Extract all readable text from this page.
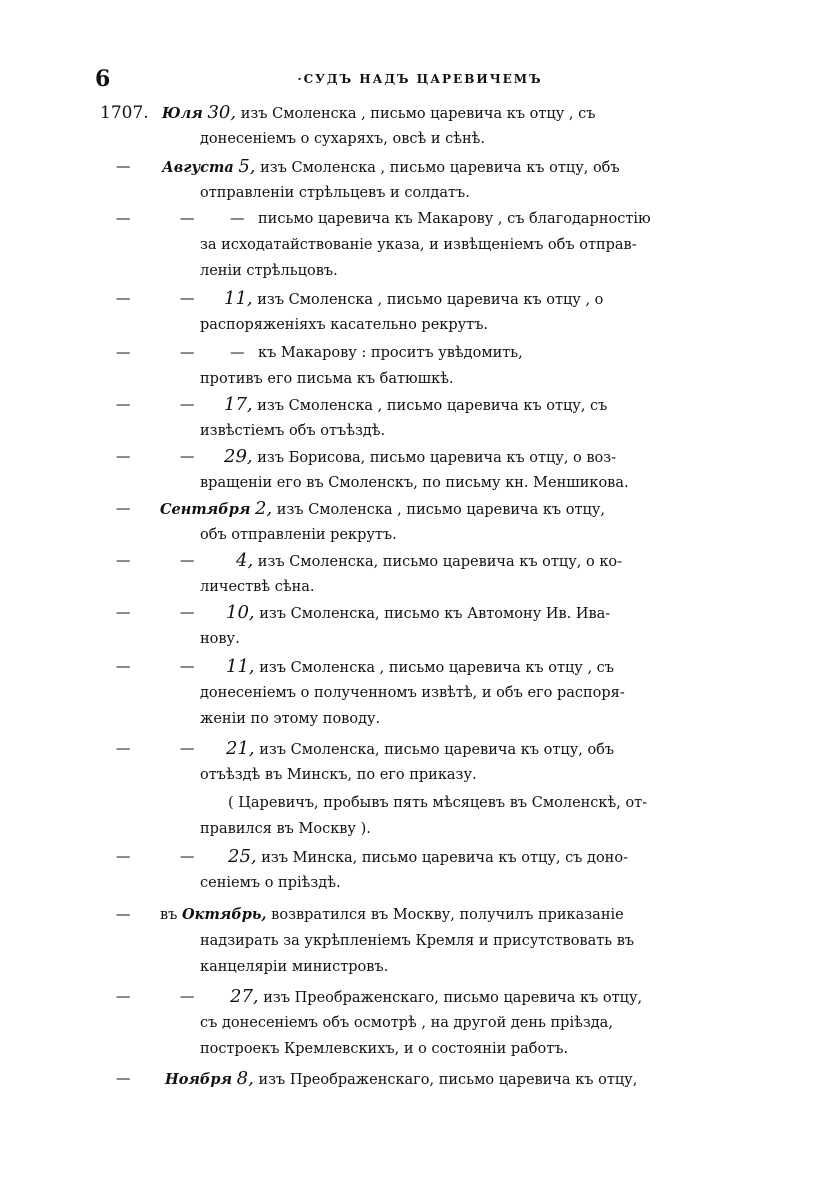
6	·СУДЪ НАДЪ ЦАРЕВИЧЕМЪ
1707. Юля 30, изъ Смоленска , письмо царевича къ отцу , съ
донесеніемъ о сухаряхъ, овсѣ и сѣнѣ.
— Августа 5, изъ Смоленска , письмо царевича къ отцу, объ
отправленіи стрѣльцевъ и солдатъ.
—	— — письмо царевича къ Макарову , съ благодарностію
за исходатайствованіе указа, и извѣщеніемъ объ отправ-
леніи стрѣльцовъ.
—	— 11, изъ Смоленска , письмо царевича къ отцу , о
распоряженіяхъ касательно рекрутъ.
—	— — къ Макарову : проситъ увѣдомить,
противъ его письма къ батюшкѣ.
—	— 17, изъ Смоленска , письмо царевича къ отцу, съ
извѣстіемъ объ отъѣздѣ.
—	— 29, изъ Борисова, письмо царевича къ отцу, о воз-
вращеніи его въ Смоленскъ, по письму кн. Меншикова.
— Сентября 2, изъ Смоленска , письмо царевича къ отцу,
объ отправленіи рекрутъ.
—	— 4, изъ Смоленска, письмо царевича къ отцу, о ко-
личествѣ сѣна.
—	— 10, изъ Смоленска, письмо къ Автомону Ив. Ива-
нову.
—	— 11, изъ Смоленска , письмо царевича къ отцу , съ
донесеніемъ о полученномъ извѣтѣ, и объ его распоря-
женіи по этому поводу.
—	— 21, изъ Смоленска, письмо царевича къ отцу, объ
отъѣздѣ въ Минскъ, по его приказу.
( Царевичъ, пробывъ пять мѣсяцевъ въ Смоленскѣ, от-
правился въ Москву ).
—	— 25, изъ Минска, письмо царевича къ отцу, съ доно-
сеніемъ о пріѣздѣ.
— въ Октябрь, возвратился въ Москву, получилъ приказаніе
надзирать за укрѣпленіемъ Кремля и присутствовать въ
канцеляріи министровъ.
—	— 27, изъ Преображенскаго, письмо царевича къ отцу,
съ донесеніемъ объ осмотрѣ , на другой день пріѣзда,
построекъ Кремлевскихъ, и о состояніи работъ.
— Ноября 8, изъ Преображенскаго, письмо царевича къ отцу,
